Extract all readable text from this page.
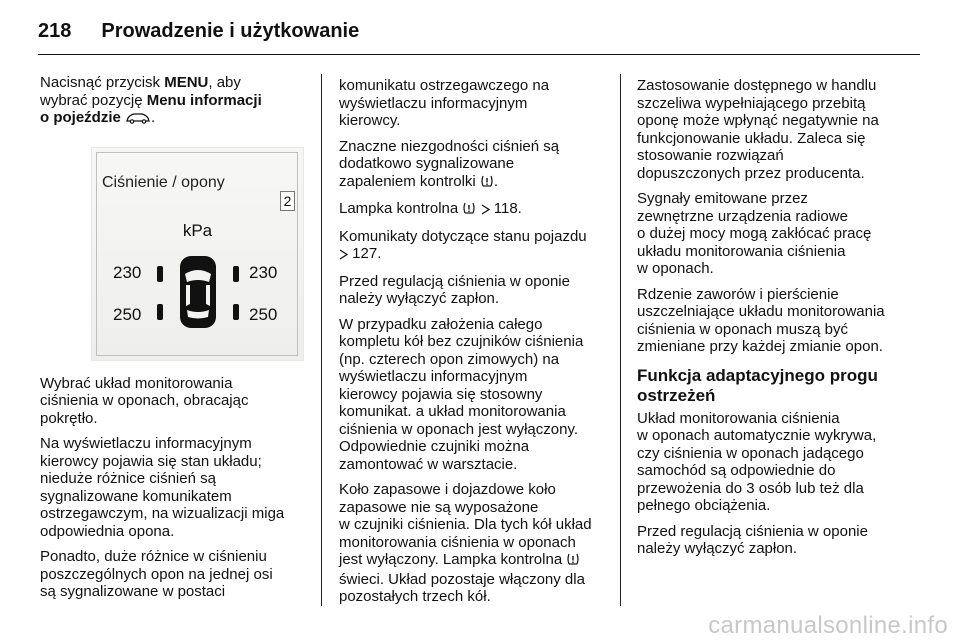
218 Prowadzenie i użytkowanie

Nacisnąć przycisk MENU, aby
wybrać pozycję Menu informacji
o pojeździe .

Ciśnienie / opony
2
kPa
230	230
250	250

Wybrać układ monitorowania
ciśnienia w oponach, obracając
pokrętło.

Na wyświetlaczu informacyjnym
kierowcy pojawia się stan układu;
nieduże różnice ciśnień są
sygnalizowane komunikatem
ostrzegawczym, na wizualizacji miga
odpowiednia opona.

Ponadto, duże różnice w ciśnieniu
poszczególnych opon na jednej osi
są sygnalizowane w postaci

komunikatu ostrzegawczego na
wyświetlaczu informacyjnym
kierowcy.

Znaczne niezgodności ciśnień są
dodatkowo sygnalizowane
zapaleniem kontrolki .

Lampka kontrolna   118.

Komunikaty dotyczące stanu pojazdu
127.

Przed regulacją ciśnienia w oponie
należy wyłączyć zapłon.

W przypadku założenia całego
kompletu kół bez czujników ciśnienia
(np. czterech opon zimowych) na
wyświetlaczu informacyjnym
kierowcy pojawia się stosowny
komunikat. a układ monitorowania
ciśnienia w oponach jest wyłączony.
Odpowiednie czujniki można
zamontować w warsztacie.

Koło zapasowe i dojazdowe koło
zapasowe nie są wyposażone
w czujniki ciśnienia. Dla tych kół układ
monitorowania ciśnienia w oponach
jest wyłączony. Lampka kontrolna
świeci. Układ pozostaje włączony dla
pozostałych trzech kół.

Zastosowanie dostępnego w handlu
szczeliwa wypełniającego przebitą
oponę może wpłynąć negatywnie na
funkcjonowanie układu. Zaleca się
stosowanie rozwiązań
dopuszczonych przez producenta.

Sygnały emitowane przez
zewnętrzne urządzenia radiowe
o dużej mocy mogą zakłócać pracę
układu monitorowania ciśnienia
w oponach.

Rdzenie zaworów i pierścienie
uszczelniające układu monitorowania
ciśnienia w oponach muszą być
zmieniane przy każdej zmianie opon.

Funkcja adaptacyjnego progu
ostrzeżeń

Układ monitorowania ciśnienia
w oponach automatycznie wykrywa,
czy ciśnienia w oponach jadącego
samochód są odpowiednie do
przewożenia do 3 osób lub też dla
pełnego obciążenia.

Przed regulacją ciśnienia w oponie
należy wyłączyć zapłon.

carmanualsonline.info
